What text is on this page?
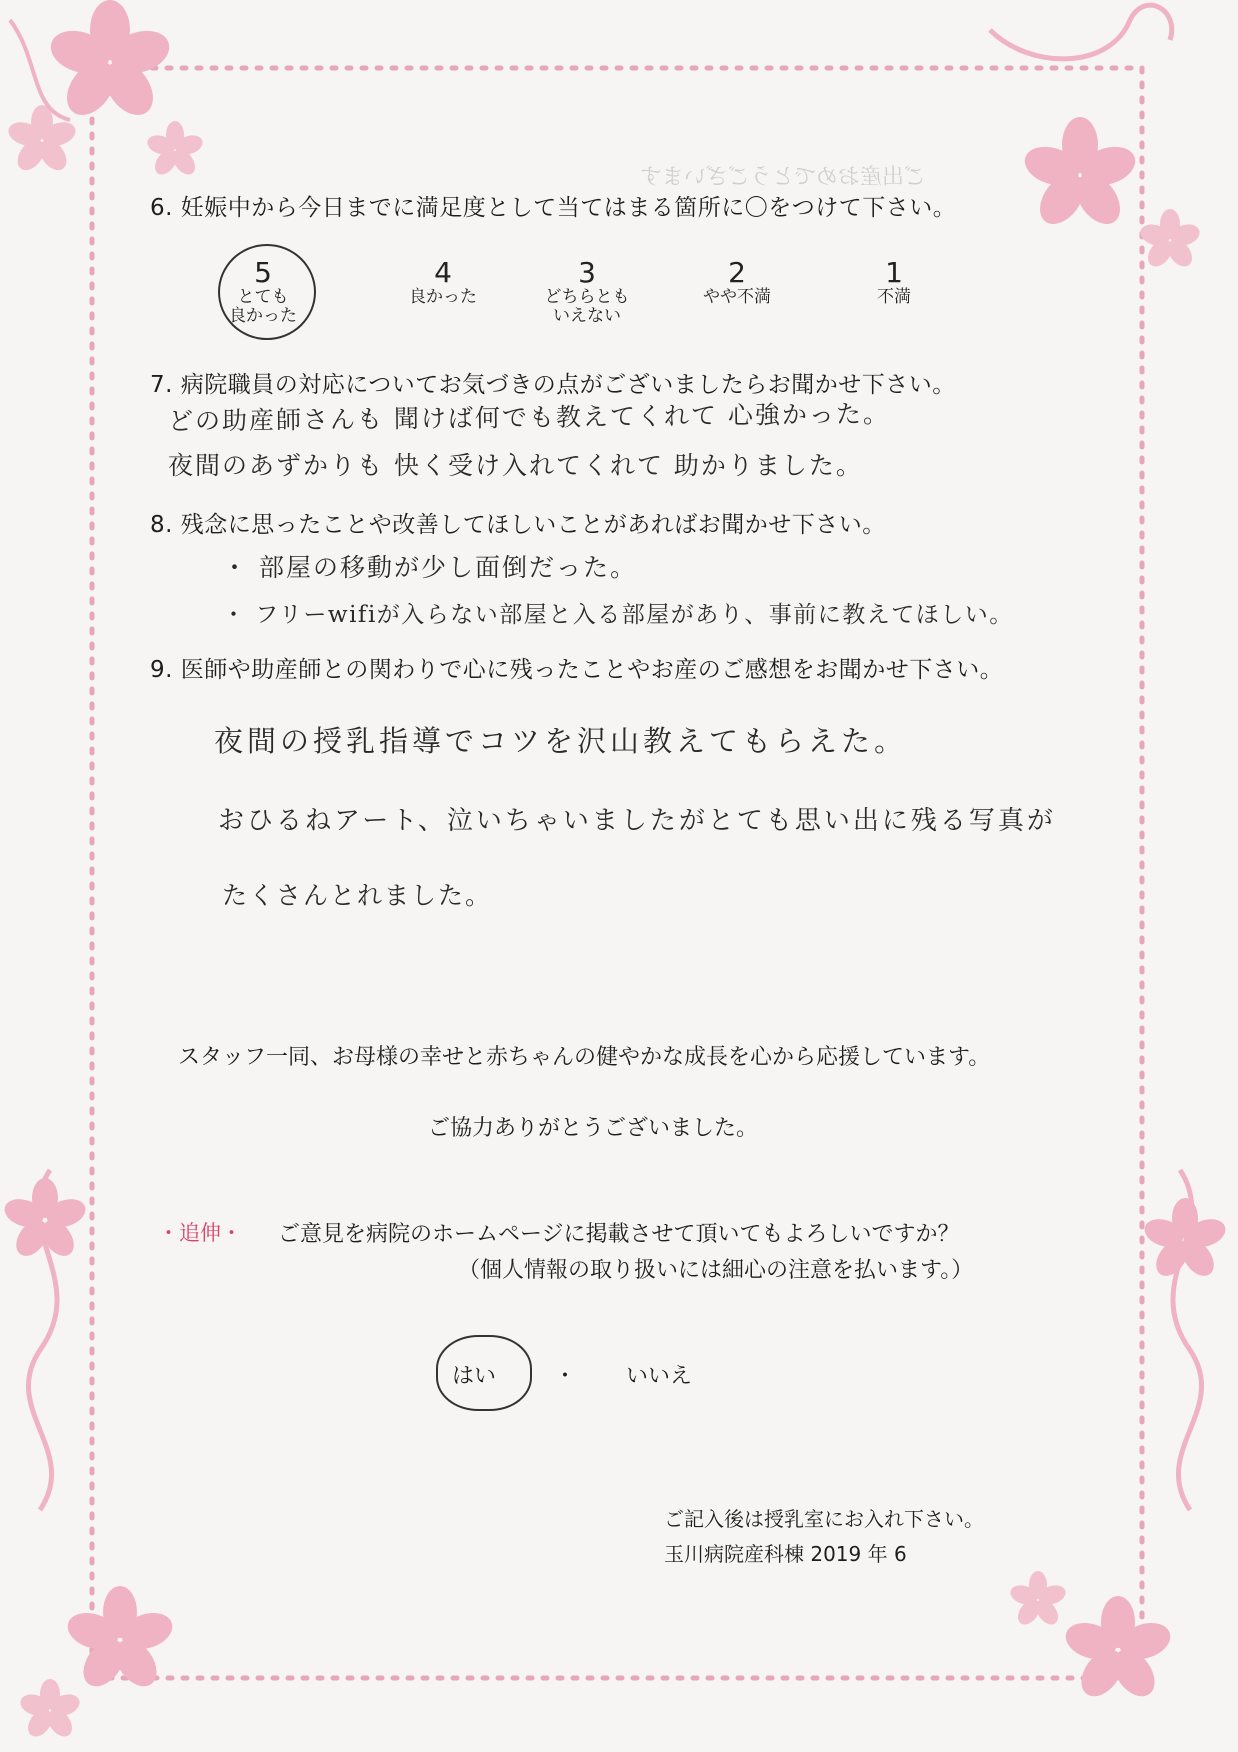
ご出産おめでとうございます
6. 妊娠中から今日までに満足度として当てはまる箇所に〇をつけて下さい。
5
とても
良かった
4
良かった
3
どちらとも
いえない
2
やや不満
1
不満
7. 病院職員の対応についてお気づきの点がございましたらお聞かせ下さい。
どの助産師さんも 聞けば何でも教えてくれて 心強かった。
夜間のあずかりも 快く受け入れてくれて 助かりました。
8. 残念に思ったことや改善してほしいことがあればお聞かせ下さい。
・ 部屋の移動が少し面倒だった。
・ フリーwifiが入らない部屋と入る部屋があり、事前に教えてほしい。
9. 医師や助産師との関わりで心に残ったことやお産のご感想をお聞かせ下さい。
夜間の授乳指導でコツを沢山教えてもらえた。
おひるねアート、泣いちゃいましたがとても思い出に残る写真が
たくさんとれました。
スタッフ一同、お母様の幸せと赤ちゃんの健やかな成長を心から応援しています。
ご協力ありがとうございました。
・追伸・ ご意見を病院のホームページに掲載させて頂いてもよろしいですか？
（個人情報の取り扱いには細心の注意を払います。）
はい	・ いいえ
ご記入後は授乳室にお入れ下さい。
玉川病院産科棟 2019 年 6
